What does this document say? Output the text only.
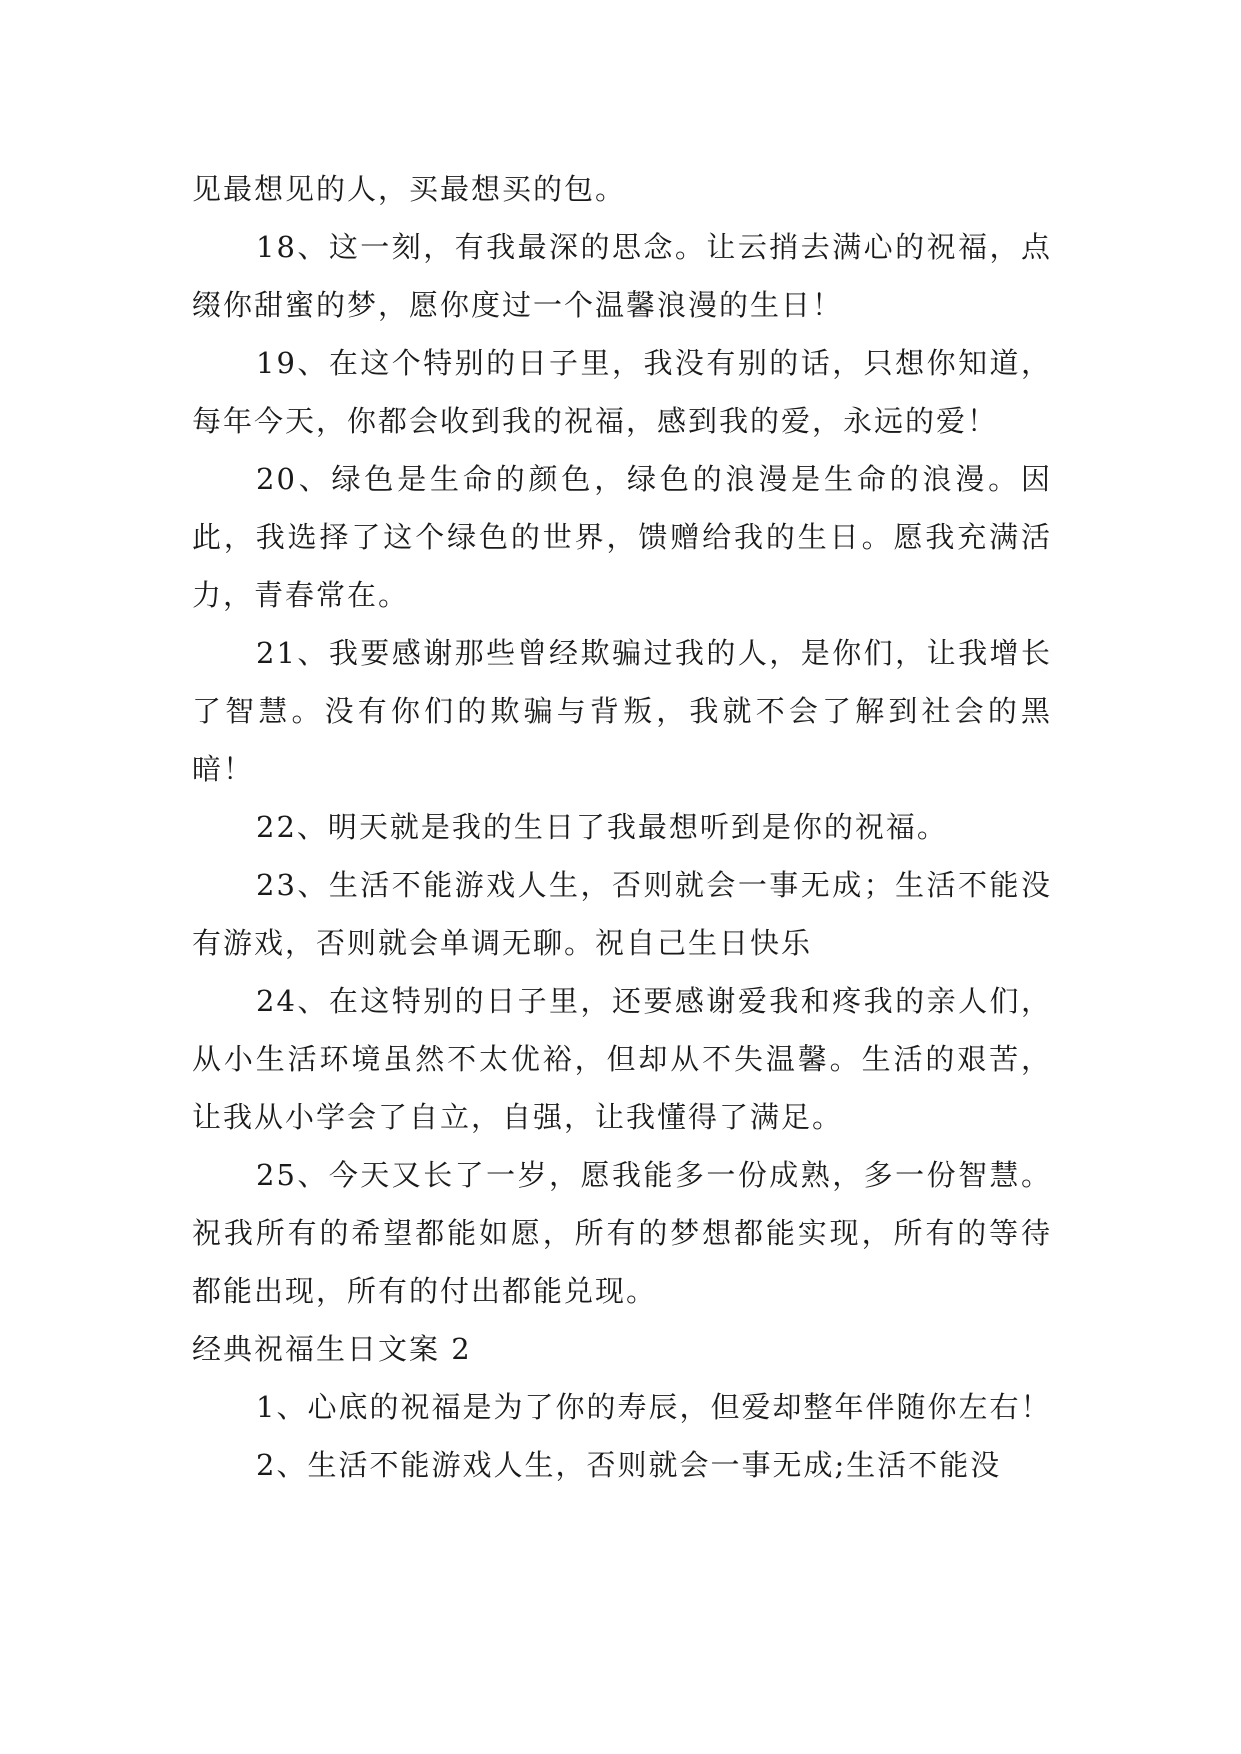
见最想见的人，买最想买的包。

18、这一刻，有我最深的思念。让云捎去满心的祝福，点缀你甜蜜的梦，愿你度过一个温馨浪漫的生日！

19、在这个特别的日子里，我没有别的话，只想你知道，每年今天，你都会收到我的祝福，感到我的爱，永远的爱！

20、绿色是生命的颜色，绿色的浪漫是生命的浪漫。因此，我选择了这个绿色的世界，馈赠给我的生日。愿我充满活力，青春常在。

21、我要感谢那些曾经欺骗过我的人，是你们，让我增长了智慧。没有你们的欺骗与背叛，我就不会了解到社会的黑暗！

22、明天就是我的生日了我最想听到是你的祝福。

23、生活不能游戏人生，否则就会一事无成；生活不能没有游戏，否则就会单调无聊。祝自己生日快乐

24、在这特别的日子里，还要感谢爱我和疼我的亲人们，从小生活环境虽然不太优裕，但却从不失温馨。生活的艰苦，让我从小学会了自立，自强，让我懂得了满足。

25、今天又长了一岁，愿我能多一份成熟，多一份智慧。祝我所有的希望都能如愿，所有的梦想都能实现，所有的等待都能出现，所有的付出都能兑现。

经典祝福生日文案 2

1、心底的祝福是为了你的寿辰，但爱却整年伴随你左右！

2、生活不能游戏人生，否则就会一事无成;生活不能没
